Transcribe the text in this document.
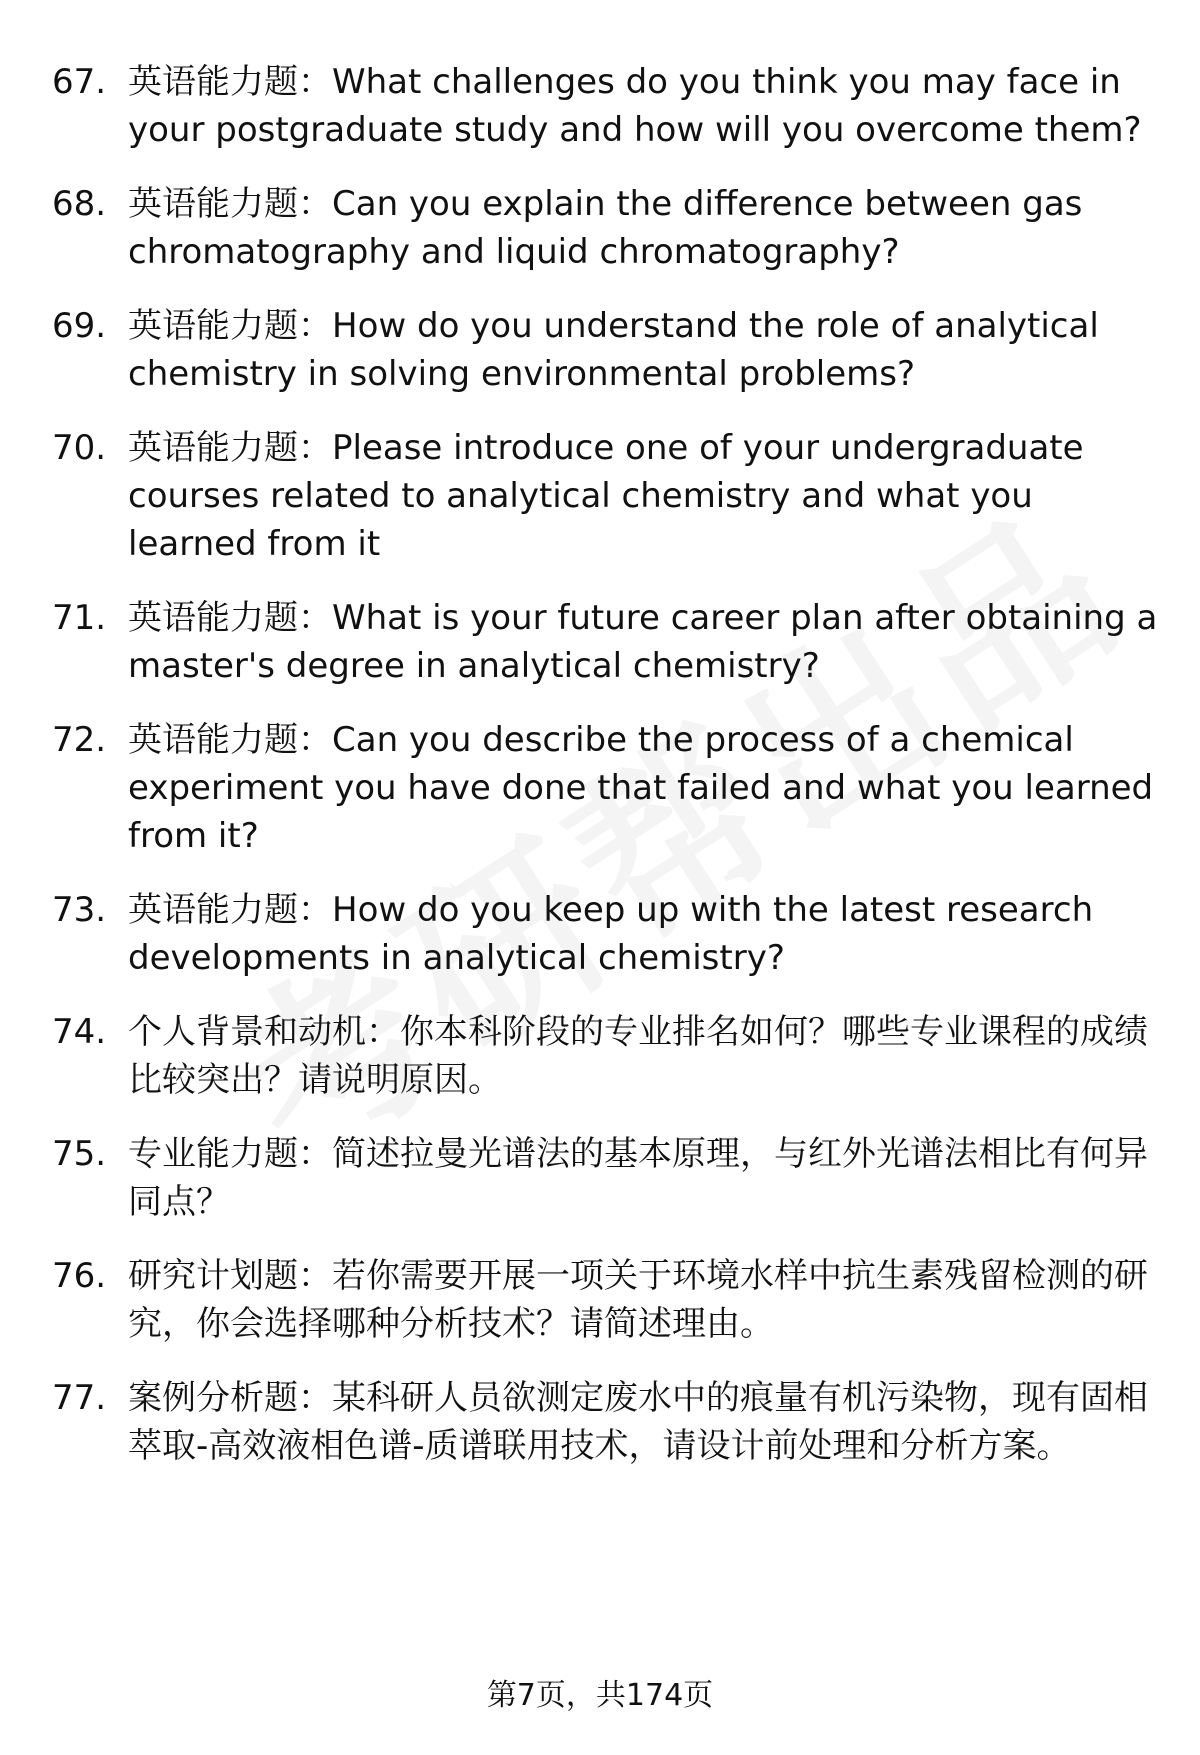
67. 英语能力题：What challenges do you think you may face in your postgraduate study and how will you overcome them?
68. 英语能力题：Can you explain the difference between gas chromatography and liquid chromatography?
69. 英语能力题：How do you understand the role of analytical chemistry in solving environmental problems?
70. 英语能力题：Please introduce one of your undergraduate courses related to analytical chemistry and what you learned from it
71. 英语能力题：What is your future career plan after obtaining a master's degree in analytical chemistry?
72. 英语能力题：Can you describe the process of a chemical experiment you have done that failed and what you learned from it?
73. 英语能力题：How do you keep up with the latest research developments in analytical chemistry?
74. 个人背景和动机：你本科阶段的专业排名如何？哪些专业课程的成绩比较突出？请说明原因。
75. 专业能力题：简述拉曼光谱法的基本原理，与红外光谱法相比有何异同点？
76. 研究计划题：若你需要开展一项关于环境水样中抗生素残留检测的研究，你会选择哪种分析技术？请简述理由。
77. 案例分析题：某科研人员欲测定废水中的痕量有机污染物，现有固相萃取-高效液相色谱-质谱联用技术，请设计前处理和分析方案。
第7页，共174页
